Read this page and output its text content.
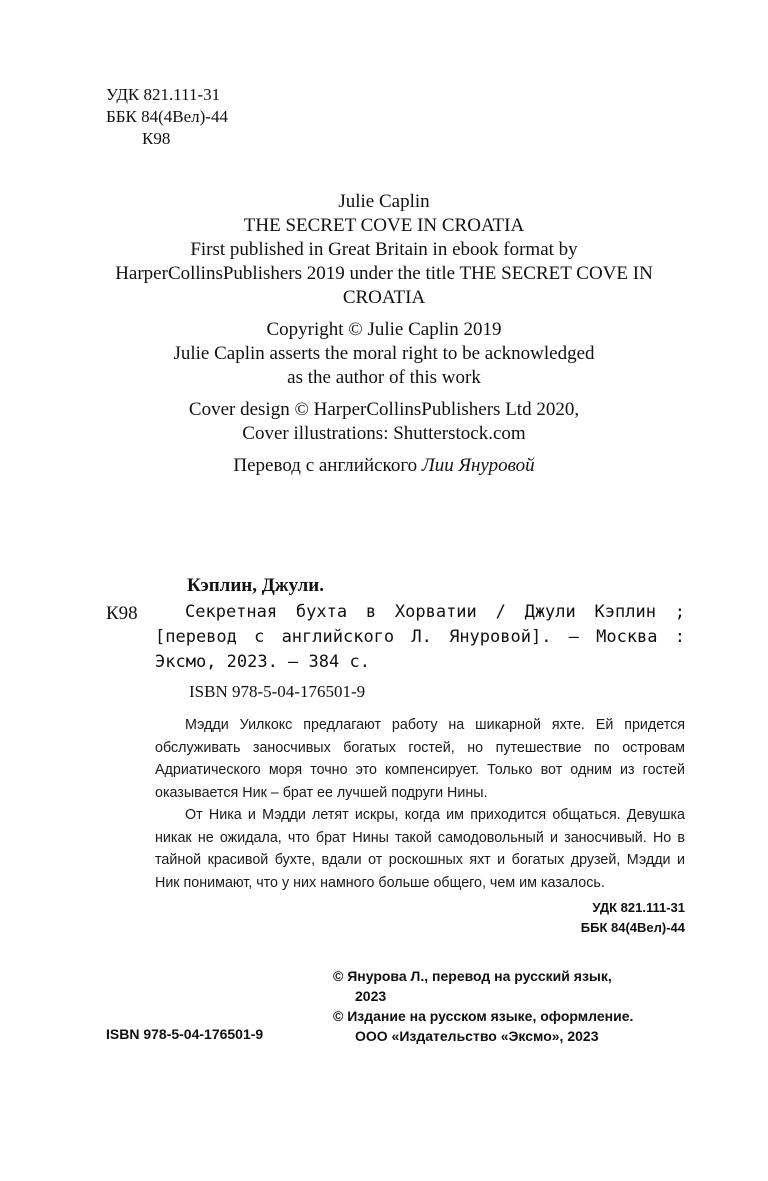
УДК 821.111-31
ББК 84(4Вел)-44
К98
Julie Caplin
THE SECRET COVE IN CROATIA
First published in Great Britain in ebook format by
HarperCollinsPublishers 2019 under the title THE SECRET COVE IN CROATIA
Copyright © Julie Caplin 2019
Julie Caplin asserts the moral right to be acknowledged
as the author of this work
Cover design © HarperCollinsPublishers Ltd 2020,
Cover illustrations: Shutterstock.com
Перевод с английского Лии Януровой
Кэплин, Джули.
К98	Секретная бухта в Хорватии / Джули Кэплин ; [перевод с английского Л. Януровой]. — Москва : Эксмо, 2023. — 384 с.
ISBN 978-5-04-176501-9

Мэдди Уилкокс предлагают работу на шикарной яхте. Ей придется обслуживать заносчивых богатых гостей, но путешествие по островам Адриатического моря точно это компенсирует. Только вот одним из гостей оказывается Ник – брат ее лучшей подруги Нины.

От Ника и Мэдди летят искры, когда им приходится общаться. Девушка никак не ожидала, что брат Нины такой самодовольный и заносчивый. Но в тайной красивой бухте, вдали от роскошных яхт и богатых друзей, Мэдди и Ник понимают, что у них намного больше общего, чем им казалось.

УДК 821.111-31
ББК 84(4Вел)-44
© Янурова Л., перевод на русский язык,
2023
© Издание на русском языке, оформление.
ООО «Издательство «Эксмо», 2023
ISBN 978-5-04-176501-9
